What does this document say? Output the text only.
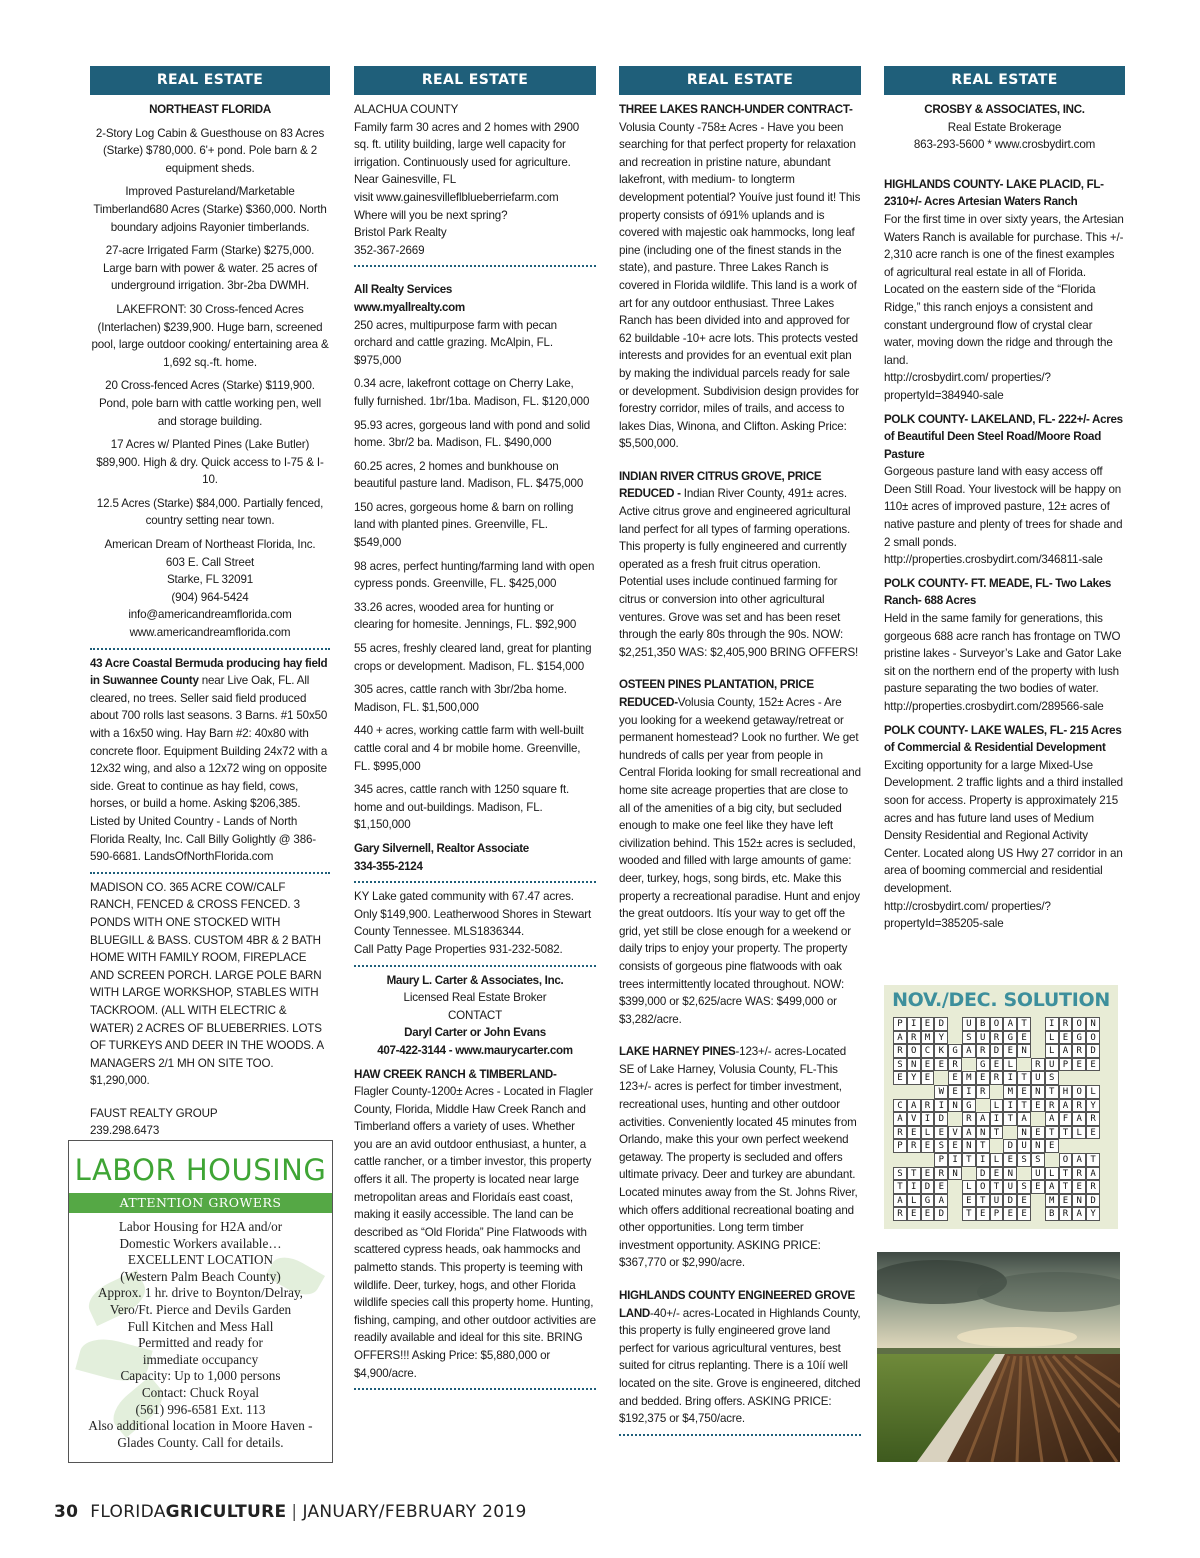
REAL ESTATE
NORTHEAST FLORIDA
2-Story Log Cabin & Guesthouse on 83 Acres (Starke) $780,000. 6'+ pond. Pole barn & 2 equipment sheds.
Improved Pastureland/Marketable Timberland680 Acres (Starke) $360,000. North boundary adjoins Rayonier timberlands.
27-acre Irrigated Farm (Starke) $275,000. Large barn with power & water. 25 acres of underground irrigation. 3br-2ba DWMH.
LAKEFRONT: 30 Cross-fenced Acres (Interlachen) $239,900. Huge barn, screened pool, large outdoor cooking/ entertaining area & 1,692 sq.-ft. home.
20 Cross-fenced Acres (Starke) $119,900. Pond, pole barn with cattle working pen, well and storage building.
17 Acres w/ Planted Pines (Lake Butler) $89,900. High & dry. Quick access to I-75 & I-10.
12.5 Acres (Starke) $84,000. Partially fenced, country setting near town.
American Dream of Northeast Florida, Inc.
603 E. Call Street
Starke, FL 32091
(904) 964-5424
info@americandreamflorida.com
www.americandreamflorida.com
43 Acre Coastal Bermuda producing hay field in Suwannee County near Live Oak, FL. All cleared, no trees. Seller said field produced about 700 rolls last seasons. 3 Barns. #1 50x50 with a 16x50 wing. Hay Barn #2: 40x80 with concrete floor. Equipment Building 24x72 with a 12x32 wing, and also a 12x72 wing on opposite side. Great to continue as hay field, cows, horses, or build a home. Asking $206,385. Listed by United Country - Lands of North Florida Realty, Inc. Call Billy Golightly @ 386-590-6681. LandsOfNorthFlorida.com
MADISON CO. 365 ACRE COW/CALF RANCH, FENCED & CROSS FENCED. 3 PONDS WITH ONE STOCKED WITH BLUEGILL & BASS. CUSTOM 4BR & 2 BATH HOME WITH FAMILY ROOM, FIREPLACE AND SCREEN PORCH. LARGE POLE BARN WITH LARGE WORKSHOP, STABLES WITH TACKROOM. (ALL WITH ELECTRIC & WATER) 2 ACRES OF BLUEBERRIES. LOTS OF TURKEYS AND DEER IN THE WOODS. A MANAGERS 2/1 MH ON SITE TOO. $1,290,000.
FAUST REALTY GROUP
239.298.6473
REAL ESTATE
ALACHUA COUNTY
Family farm 30 acres and 2 homes with 2900 sq. ft. utility building, large well capacity for irrigation. Continuously used for agriculture. Near Gainesville, FL
visit www.gainesvilleflblueberriefarm.com
Where will you be next spring?
Bristol Park Realty
352-367-2669
All Realty Services
www.myallrealty.com
250 acres, multipurpose farm with pecan orchard and cattle grazing. McAlpin, FL. $975,000
0.34 acre, lakefront cottage on Cherry Lake, fully furnished. 1br/1ba. Madison, FL. $120,000
95.93 acres, gorgeous land with pond and solid home. 3br/2 ba. Madison, FL. $490,000
60.25 acres, 2 homes and bunkhouse on beautiful pasture land. Madison, FL. $475,000
150 acres, gorgeous home & barn on rolling land with planted pines. Greenville, FL. $549,000
98 acres, perfect hunting/farming land with open cypress ponds. Greenville, FL. $425,000
33.26 acres, wooded area for hunting or clearing for homesite. Jennings, FL. $92,900
55 acres, freshly cleared land, great for planting crops or development. Madison, FL. $154,000
305 acres, cattle ranch with 3br/2ba home. Madison, FL. $1,500,000
440 + acres, working cattle farm with well-built cattle coral and 4 br mobile home. Greenville, FL. $995,000
345 acres, cattle ranch with 1250 square ft. home and out-buildings. Madison, FL. $1,150,000
Gary Silvernell, Realtor Associate
334-355-2124
KY Lake gated community with 67.47 acres. Only $149,900. Leatherwood Shores in Stewart County Tennessee. MLS1836344.
Call Patty Page Properties 931-232-5082.
Maury L. Carter & Associates, Inc.
Licensed Real Estate Broker
CONTACT
Daryl Carter or John Evans
407-422-3144 - www.maurycarter.com
HAW CREEK RANCH & TIMBERLAND-
Flagler County-1200± Acres - Located in Flagler County, Florida, Middle Haw Creek Ranch and Timberland offers a variety of uses. Whether you are an avid outdoor enthusiast, a hunter, a cattle rancher, or a timber investor, this property offers it all. The property is located near large metropolitan areas and Floridaís east coast, making it easily accessible. The land can be described as “Old Florida” Pine Flatwoods with scattered cypress heads, oak hammocks and palmetto stands. This property is teeming with wildlife. Deer, turkey, hogs, and other Florida wildlife species call this property home. Hunting, fishing, camping, and other outdoor activities are readily available and ideal for this site. BRING OFFERS!!! Asking Price: $5,880,000 or $4,900/acre.
REAL ESTATE
THREE LAKES RANCH-UNDER CONTRACT-Volusia County -758± Acres - Have you been searching for that perfect property for relaxation and recreation in pristine nature, abundant lakefront, with medium- to longterm development potential? Youíve just found it! This property consists of ó91% uplands and is covered with majestic oak hammocks, long leaf pine (including one of the finest stands in the state), and pasture. Three Lakes Ranch is covered in Florida wildlife. This land is a work of art for any outdoor enthusiast. Three Lakes Ranch has been divided into and approved for 62 buildable -10+ acre lots. This protects vested interests and provides for an eventual exit plan by making the individual parcels ready for sale or development. Subdivision design provides for forestry corridor, miles of trails, and access to lakes Dias, Winona, and Clifton. Asking Price: $5,500,000.
INDIAN RIVER CITRUS GROVE, PRICE REDUCED - Indian River County, 491± acres. Active citrus grove and engineered agricultural land perfect for all types of farming operations. This property is fully engineered and currently operated as a fresh fruit citrus operation. Potential uses include continued farming for citrus or conversion into other agricultural ventures. Grove was set and has been reset through the early 80s through the 90s. NOW: $2,251,350 WAS: $2,405,900 BRING OFFERS!
OSTEEN PINES PLANTATION, PRICE REDUCED-Volusia County, 152± Acres - Are you looking for a weekend getaway/retreat or permanent homestead? Look no further. We get hundreds of calls per year from people in Central Florida looking for small recreational and home site acreage properties that are close to all of the amenities of a big city, but secluded enough to make one feel like they have left civilization behind. This 152± acres is secluded, wooded and filled with large amounts of game: deer, turkey, hogs, song birds, etc. Make this property a recreational paradise. Hunt and enjoy the great outdoors. Itís your way to get off the grid, yet still be close enough for a weekend or daily trips to enjoy your property. The property consists of gorgeous pine flatwoods with oak trees intermittently located throughout. NOW: $399,000 or $2,625/acre WAS: $499,000 or $3,282/acre.
LAKE HARNEY PINES-123+/- acres-Located SE of Lake Harney, Volusia County, FL-This 123+/- acres is perfect for timber investment, recreational uses, hunting and other outdoor activities. Conveniently located 45 minutes from Orlando, make this your own perfect weekend getaway. The property is secluded and offers ultimate privacy. Deer and turkey are abundant. Located minutes away from the St. Johns River, which offers additional recreational boating and other opportunities. Long term timber investment opportunity. ASKING PRICE: $367,770 or $2,990/acre.
HIGHLANDS COUNTY ENGINEERED GROVE LAND-40+/- acres-Located in Highlands County, this property is fully engineered grove land perfect for various agricultural ventures, best suited for citrus replanting. There is a 10íí well located on the site. Grove is engineered, ditched and bedded. Bring offers. ASKING PRICE: $192,375 or $4,750/acre.
REAL ESTATE
CROSBY & ASSOCIATES, INC.
Real Estate Brokerage
863-293-5600 * www.crosbydirt.com
HIGHLANDS COUNTY- LAKE PLACID, FL- 2310+/- Acres Artesian Waters Ranch
For the first time in over sixty years, the Artesian Waters Ranch is available for purchase. This +/- 2,310 acre ranch is one of the finest examples of agricultural real estate in all of Florida. Located on the eastern side of the “Florida Ridge,” this ranch enjoys a consistent and constant underground flow of crystal clear water, moving down the ridge and through the land.
http://crosbydirt.com/ properties/?propertyId=384940-sale
POLK COUNTY- LAKELAND, FL- 222+/- Acres of Beautiful Deen Steel Road/Moore Road Pasture
Gorgeous pasture land with easy access off Deen Still Road. Your livestock will be happy on 110± acres of improved pasture, 12± acres of native pasture and plenty of trees for shade and 2 small ponds.
http://properties.crosbydirt.com/346811-sale
POLK COUNTY- FT. MEADE, FL- Two Lakes Ranch- 688 Acres
Held in the same family for generations, this gorgeous 688 acre ranch has frontage on TWO pristine lakes - Surveyor’s Lake and Gator Lake sit on the northern end of the property with lush pasture separating the two bodies of water.
http://properties.crosbydirt.com/289566-sale
POLK COUNTY- LAKE WALES, FL- 215 Acres of Commercial & Residential Development
Exciting opportunity for a large Mixed-Use Development. 2 traffic lights and a third installed soon for access. Property is approximately 215 acres and has future land uses of Medium Density Residential and Regional Activity Center. Located along US Hwy 27 corridor in an area of booming commercial and residential development.
http://crosbydirt.com/ properties/?propertyId=385205-sale
LABOR HOUSING
ATTENTION GROWERS
Labor Housing for H2A and/or
Domestic Workers available…
EXCELLENT LOCATION
(Western Palm Beach County)
Approx. 1 hr. drive to Boynton/Delray,
Vero/Ft. Pierce and Devils Garden
Full Kitchen and Mess Hall
Permitted and ready for
immediate occupancy
Capacity: Up to 1,000 persons
Contact: Chuck Royal
(561) 996-6581 Ext. 113
Also additional location in Moore Haven -
Glades County. Call for details.
NOV./DEC. SOLUTION
P I E D	U B O A T	I R O N
A R M Y	S U R G E	L E G O
R O C K G A R D E N	L A R D
S N E E R	G E L	R U P E E
E Y E	E M E R I T U S
W E I R	M E N T H O L
C A R I N G	L I T E R A R Y
A V I D	R A I T A	A F A R
R E L E V A N T	N E T T L E
P R E S E N T	D U N E
P I T I L E S S	O A T
S T E R N	D E N	U L T R A
T I D E	L O T U S E A T E R
A L G A	E T U D E	M E N D
R E E D	T E P E E	B R A Y
30 FLORIDAGRICULTURE | JANUARY/FEBRUARY 2019
